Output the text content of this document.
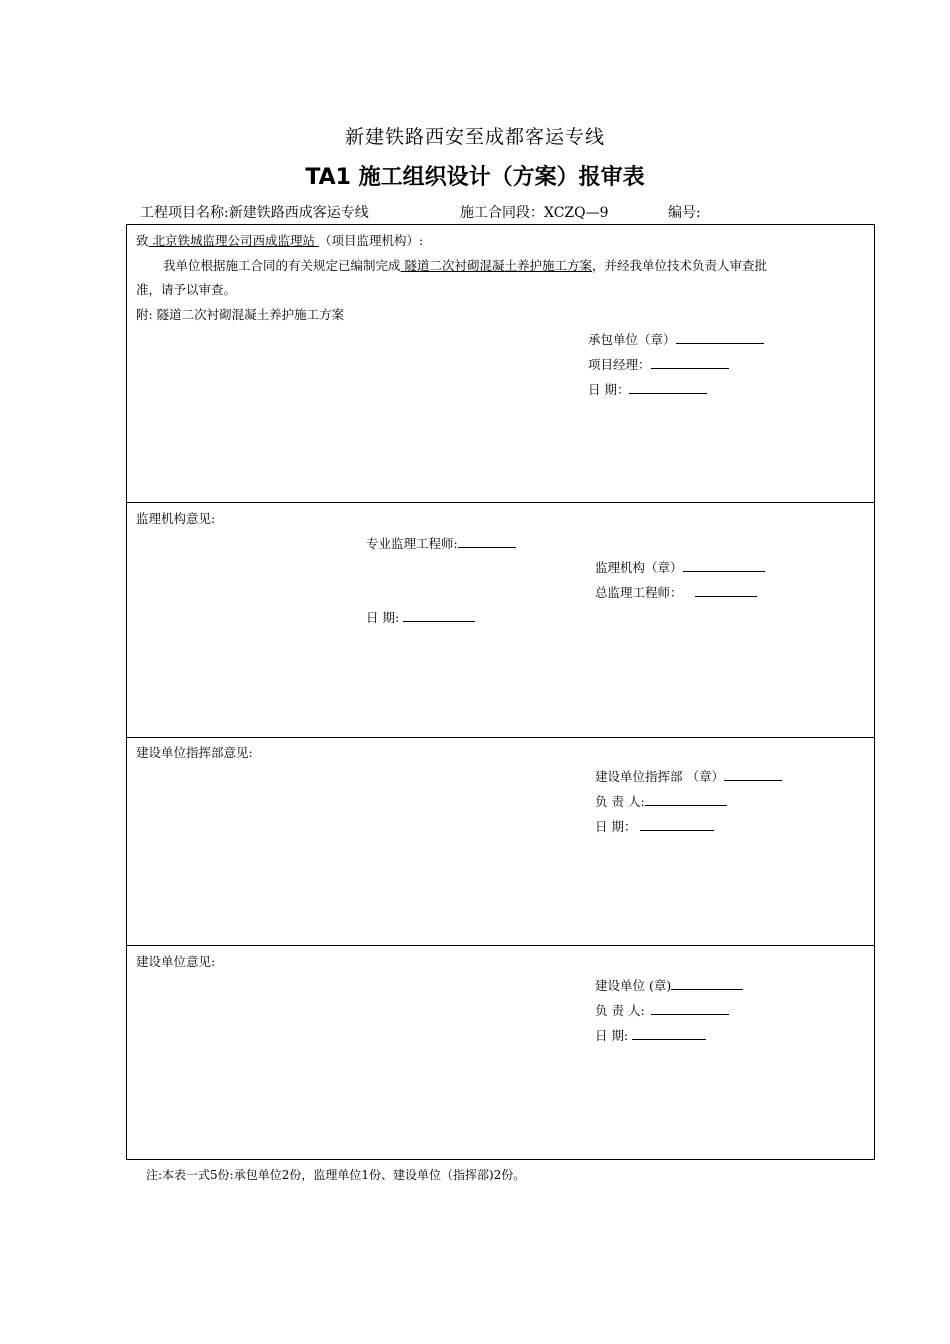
新建铁路西安至成都客运专线
TA1 施工组织设计（方案）报审表
工程项目名称:新建铁路西成客运专线	施工合同段：XCZQ—9	编号:
致 北京铁城监理公司西成监理站 （项目监理机构）:
我单位根据施工合同的有关规定已编制完成 隧道二次衬砌混凝土养护施工方案，并经我单位技术负责人审查批
准，请予以审查。
附: 隧道二次衬砌混凝土养护施工方案
承包单位（章）
项目经理：
日 期：
监理机构意见:
专业监理工程师:
监理机构（章）
总监理工程师：
日 期:
建设单位指挥部意见:
建设单位指挥部 （章）
负 责 人:
日 期：
建设单位意见:
建设单位 (章)
负 责 人:
日 期:
注:本表一式5份:承包单位2份，监理单位1份、建设单位（指挥部)2份。
